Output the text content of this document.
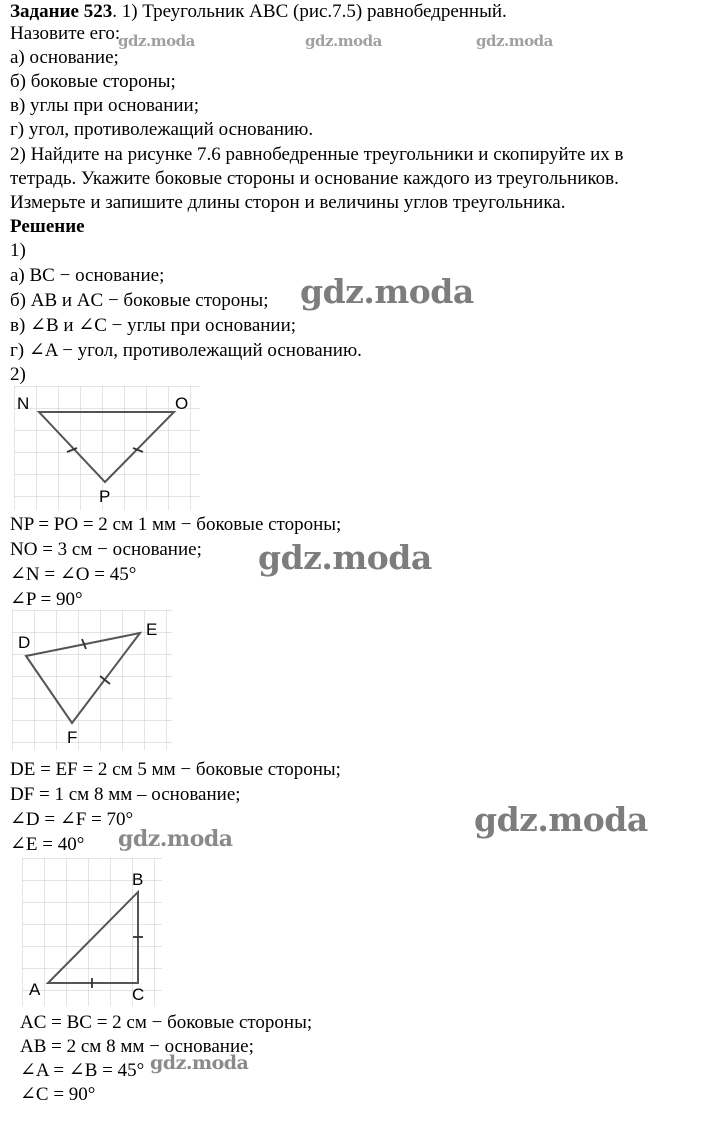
Задание 523. 1) Треугольник ABC (рис.7.5) равнобедренный.
Назовите его:
а) основание;
б) боковые стороны;
в) углы при основании;
г) угол, противолежащий основанию.
2) Найдите на рисунке 7.6 равнобедренные треугольники и скопируйте их в
тетрадь. Укажите боковые стороны и основание каждого из треугольников.
Измерьте и запишите длины сторон и величины углов треугольника.
Решение
1)
а) BC − основание;
б) AB и AC − боковые стороны;
в) ∠B и ∠C − углы при основании;
г) ∠A − угол, противолежащий основанию.
2)
N	O
P
NP = PO = 2 см 1 мм − боковые стороны;
NO = 3 см − основание;
∠N = ∠O = 45°
∠P = 90°
D
E
F
DE = EF = 2 см 5 мм − боковые стороны;
DF = 1 см 8 мм – основание;
∠D = ∠F = 70°
∠E = 40°
A
B
C
AC = BC = 2 см − боковые стороны;
AB = 2 см 8 мм − основание;
∠A = ∠B = 45°
∠C = 90°
gdz.moda	gdz.moda	gdz.moda
gdz.moda
gdz.moda
gdz.moda
gdz.moda
gdz.moda
